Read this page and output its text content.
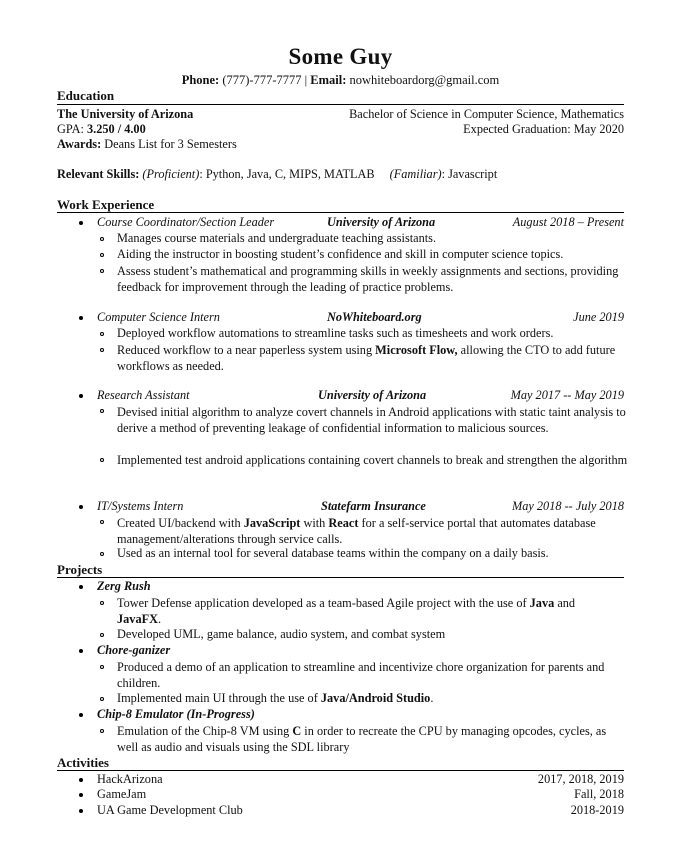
Some Guy
Phone: (777)-777-7777 | Email: nowhiteboardorg@gmail.com
Education
The University of Arizona	Bachelor of Science in Computer Science, Mathematics
GPA: 3.250 / 4.00	Expected Graduation: May 2020
Awards: Deans List for 3 Semesters
Relevant Skills: (Proficient): Python, Java, C, MIPS, MATLAB (Familiar): Javascript
Work Experience
Course Coordinator/Section Leader	University of Arizona	August 2018 – Present
Manages course materials and undergraduate teaching assistants.
Aiding the instructor in boosting student’s confidence and skill in computer science topics.
Assess student’s mathematical and programming skills in weekly assignments and sections, providing feedback for improvement through the leading of practice problems.
Computer Science Intern	NoWhiteboard.org	June 2019
Deployed workflow automations to streamline tasks such as timesheets and work orders.
Reduced workflow to a near paperless system using Microsoft Flow, allowing the CTO to add future workflows as needed.
Research Assistant	University of Arizona	May 2017 -- May 2019
Devised initial algorithm to analyze covert channels in Android applications with static taint analysis to derive a method of preventing leakage of confidential information to malicious sources.
Implemented test android applications containing covert channels to break and strengthen the algorithm
IT/Systems Intern	Statefarm Insurance	May 2018 -- July 2018
Created UI/backend with JavaScript with React for a self-service portal that automates database management/alterations through service calls.
Used as an internal tool for several database teams within the company on a daily basis.
Projects
Zerg Rush
Tower Defense application developed as a team-based Agile project with the use of Java and JavaFX.
Developed UML, game balance, audio system, and combat system
Chore-ganizer
Produced a demo of an application to streamline and incentivize chore organization for parents and children.
Implemented main UI through the use of Java/Android Studio.
Chip-8 Emulator (In-Progress)
Emulation of the Chip-8 VM using C in order to recreate the CPU by managing opcodes, cycles, as well as audio and visuals using the SDL library
Activities
HackArizona	2017, 2018, 2019
GameJam	Fall, 2018
UA Game Development Club	2018-2019
